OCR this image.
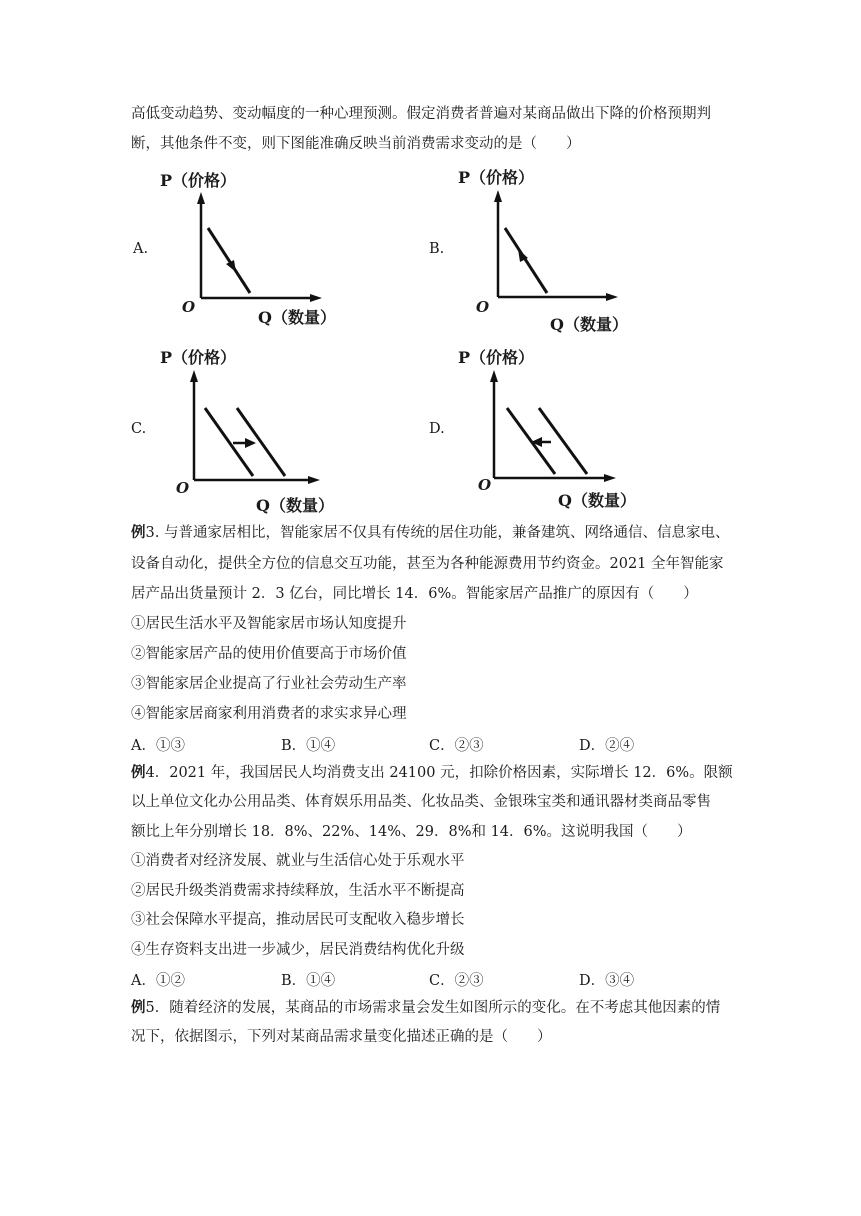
高低变动趋势、变动幅度的一种心理预测。假定消费者普遍对某商品做出下降的价格预期判
断，其他条件不变，则下图能准确反映当前消费需求变动的是（　　）
A.
P（价格）
O
Q（数量）
B.
P（价格）
O
Q（数量）
C.
P（价格）
O
Q（数量）
D.
P（价格）
O
Q（数量）
例3. 与普通家居相比，智能家居不仅具有传统的居住功能，兼备建筑、网络通信、信息家电、
设备自动化，提供全方位的信息交互功能，甚至为各种能源费用节约资金。2021 全年智能家
居产品出货量预计 2．3 亿台，同比增长 14．6%。智能家居产品推广的原因有（　　）
①居民生活水平及智能家居市场认知度提升
②智能家居产品的使用价值要高于市场价值
③智能家居企业提高了行业社会劳动生产率
④智能家居商家利用消费者的求实求异心理
A．①③	B．①④	C．②③	D．②④
例4．2021 年，我国居民人均消费支出 24100 元，扣除价格因素，实际增长 12．6%。限额
以上单位文化办公用品类、体育娱乐用品类、化妆品类、金银珠宝类和通讯器材类商品零售
额比上年分别增长 18．8%、22%、14%、29．8%和 14．6%。这说明我国（　　）
①消费者对经济发展、就业与生活信心处于乐观水平
②居民升级类消费需求持续释放，生活水平不断提高
③社会保障水平提高，推动居民可支配收入稳步增长
④生存资料支出进一步减少，居民消费结构优化升级
A．①②	B．①④	C．②③	D．③④
例5．随着经济的发展，某商品的市场需求量会发生如图所示的变化。在不考虑其他因素的情
况下，依据图示，下列对某商品需求量变化描述正确的是（　　）
